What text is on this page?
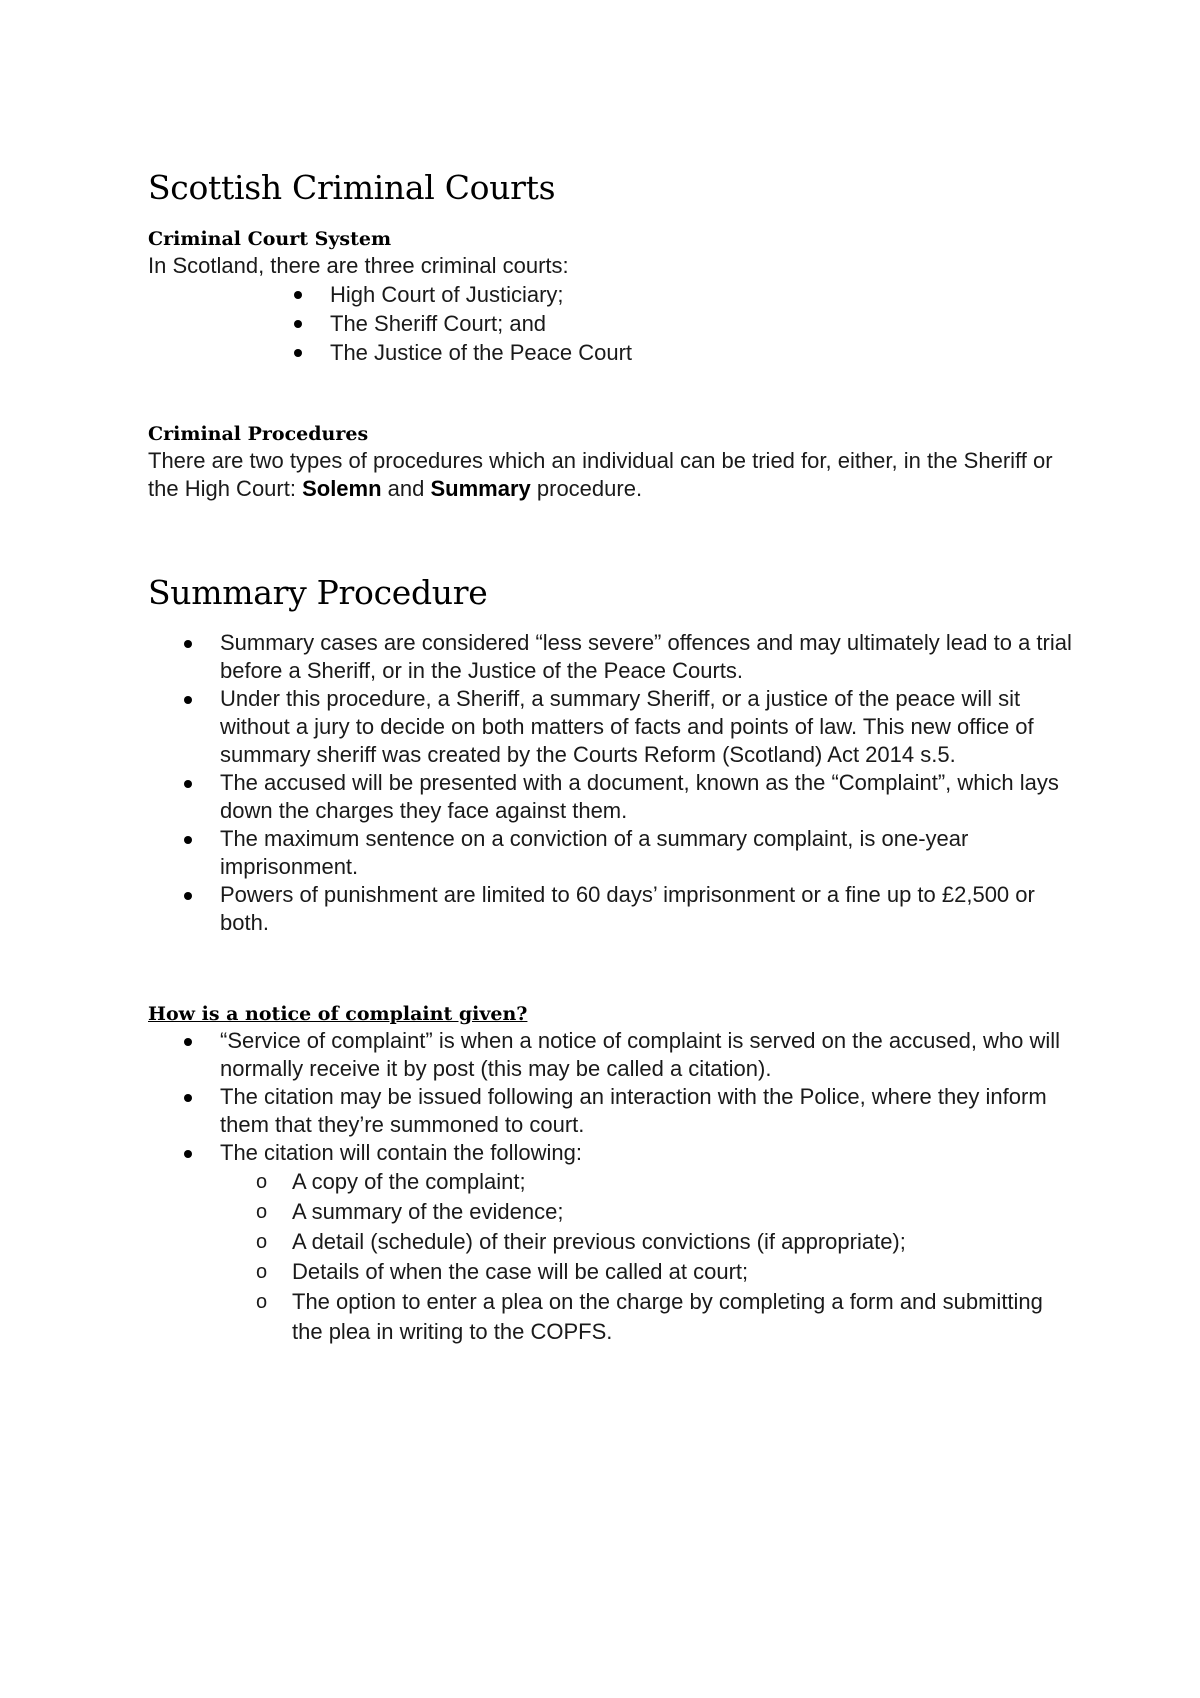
Scottish Criminal Courts
Criminal Court System

In Scotland, there are three criminal courts:

High Court of Justiciary;
The Sheriff Court; and
The Justice of the Peace Court
Criminal Procedures

There are two types of procedures which an individual can be tried for, either, in the Sheriff or the High Court: Solemn and Summary procedure.

Summary Procedure
Summary cases are considered “less severe” offences and may ultimately lead to a trial before a Sheriff, or in the Justice of the Peace Courts.
Under this procedure, a Sheriff, a summary Sheriff, or a justice of the peace will sit without a jury to decide on both matters of facts and points of law. This new office of summary sheriff was created by the Courts Reform (Scotland) Act 2014 s.5.
The accused will be presented with a document, known as the “Complaint”, which lays down the charges they face against them.
The maximum sentence on a conviction of a summary complaint, is one-year imprisonment.
Powers of punishment are limited to 60 days’ imprisonment or a fine up to £2,500 or both.
How is a notice of complaint given?
“Service of complaint” is when a notice of complaint is served on the accused, who will normally receive it by post (this may be called a citation).
The citation may be issued following an interaction with the Police, where they inform them that they’re summoned to court.
The citation will contain the following:
o A copy of the complaint;
o A summary of the evidence;
o A detail (schedule) of their previous convictions (if appropriate);
o Details of when the case will be called at court;
o The option to enter a plea on the charge by completing a form and submitting the plea in writing to the COPFS.
